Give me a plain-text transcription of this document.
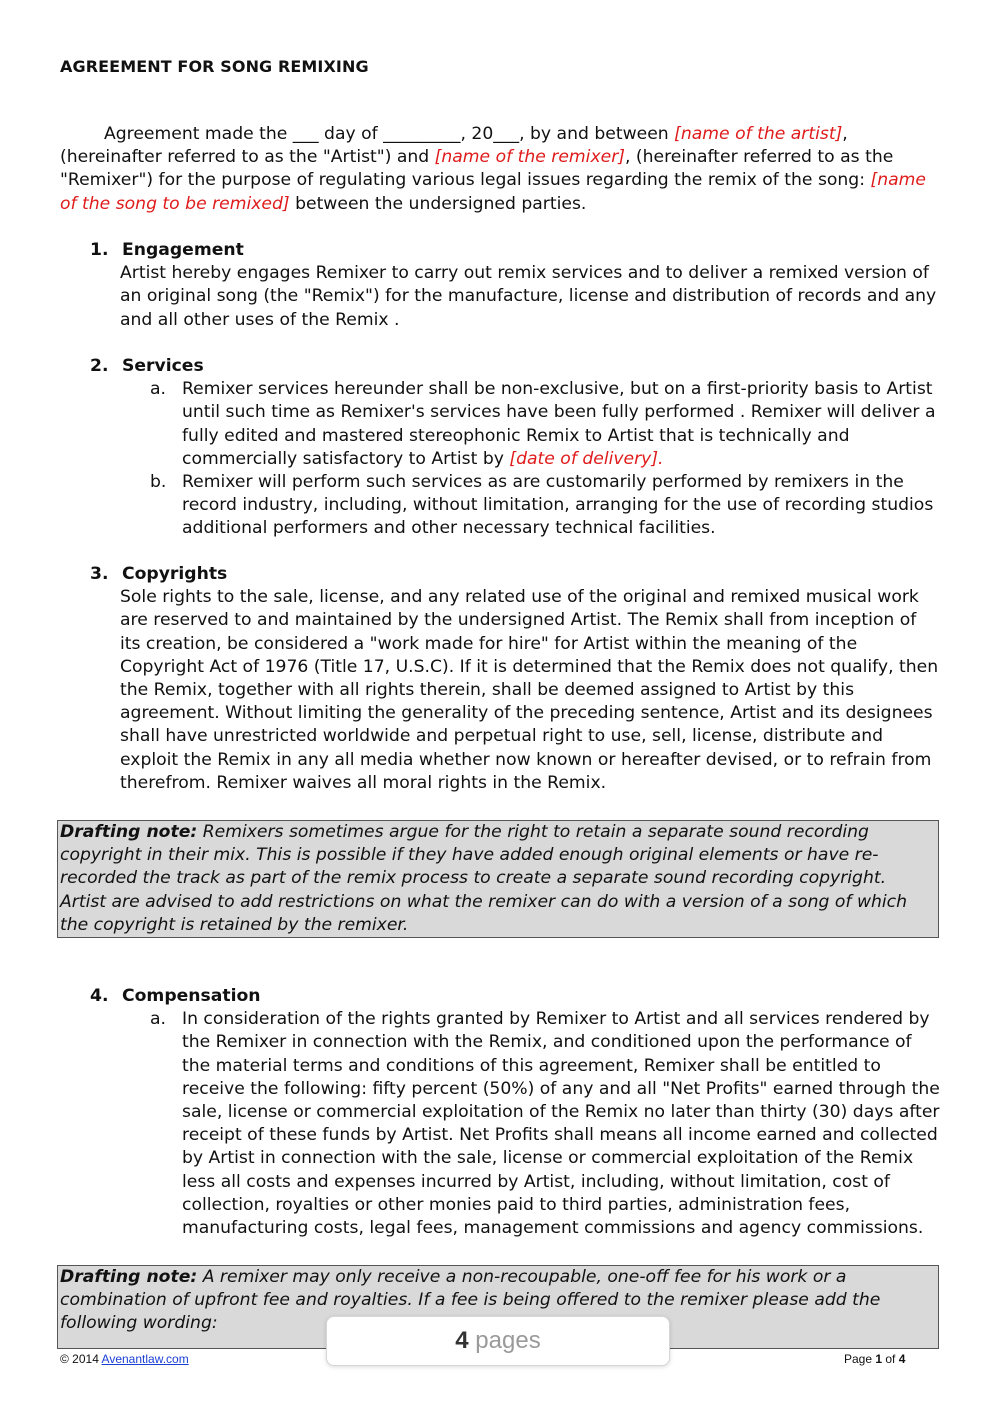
AGREEMENT FOR SONG REMIXING
Agreement made the ___ day of _________, 20___, by and between [name of the artist], (hereinafter referred to as the "Artist") and [name of the remixer], (hereinafter referred to as the "Remixer") for the purpose of regulating various legal issues regarding the remix of the song: [name of the song to be remixed] between the undersigned parties.
1. Engagement
Artist hereby engages Remixer to carry out remix services and to deliver a remixed version of an original song (the "Remix") for the manufacture, license and distribution of records and any and all other uses of the Remix .
2. Services
a. Remixer services hereunder shall be non-exclusive, but on a first-priority basis to Artist until such time as Remixer's services have been fully performed . Remixer will deliver a fully edited and mastered stereophonic Remix to Artist that is technically and commercially satisfactory to Artist by [date of delivery].
b. Remixer will perform such services as are customarily performed by remixers in the record industry, including, without limitation, arranging for the use of recording studios additional performers and other necessary technical facilities.
3. Copyrights
Sole rights to the sale, license, and any related use of the original and remixed musical work are reserved to and maintained by the undersigned Artist. The Remix shall from inception of its creation, be considered a "work made for hire" for Artist within the meaning of the Copyright Act of 1976 (Title 17, U.S.C). If it is determined that the Remix does not qualify, then the Remix, together with all rights therein, shall be deemed assigned to Artist by this agreement. Without limiting the generality of the preceding sentence, Artist and its designees shall have unrestricted worldwide and perpetual right to use, sell, license, distribute and exploit the Remix in any all media whether now known or hereafter devised, or to refrain from therefrom. Remixer waives all moral rights in the Remix.
Drafting note: Remixers sometimes argue for the right to retain a separate sound recording copyright in their mix. This is possible if they have added enough original elements or have re-recorded the track as part of the remix process to create a separate sound recording copyright. Artist are advised to add restrictions on what the remixer can do with a version of a song of which the copyright is retained by the remixer.
4. Compensation
a. In consideration of the rights granted by Remixer to Artist and all services rendered by the Remixer in connection with the Remix, and conditioned upon the performance of the material terms and conditions of this agreement, Remixer shall be entitled to receive the following: fifty percent (50%) of any and all "Net Profits" earned through the sale, license or commercial exploitation of the Remix no later than thirty (30) days after receipt of these funds by Artist. Net Profits shall means all income earned and collected by Artist in connection with the sale, license or commercial exploitation of the Remix less all costs and expenses incurred by Artist, including, without limitation, cost of collection, royalties or other monies paid to third parties, administration fees, manufacturing costs, legal fees, management commissions and agency commissions.
Drafting note: A remixer may only receive a non-recoupable, one-off fee for his work or a combination of upfront fee and royalties. If a fee is being offered to the remixer please add the following wording:
© 2014 Avenantlaw.com	Page 1 of 4
4 pages
